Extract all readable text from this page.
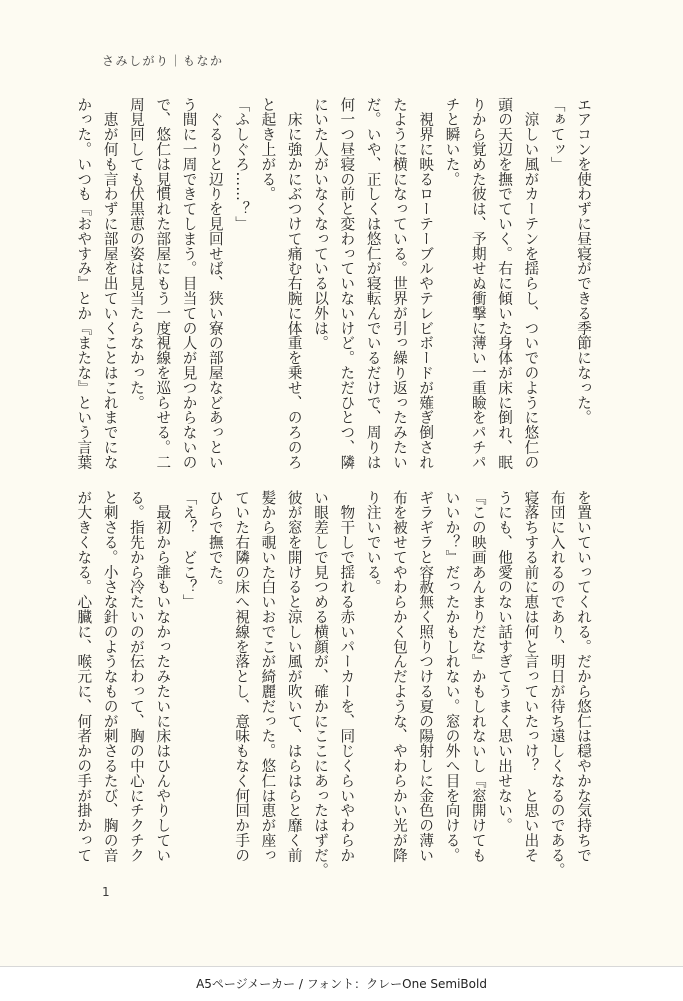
さみしがり｜もなか
エアコンを使わずに昼寝ができる季節になった。
「ぁてッ」
　涼しい風がカーテンを揺らし、ついでのように悠仁の
頭の天辺を撫でていく。右に傾いた身体が床に倒れ、眠
りから覚めた彼は、予期せぬ衝撃に薄い一重瞼をパチパ
チと瞬いた。
　視界に映るローテーブルやテレビボードが薙ぎ倒され
たように横になっている。世界が引っ繰り返ったみたい
だ。いや、正しくは悠仁が寝転んでいるだけで、周りは
何一つ昼寝の前と変わっていないけど。ただひとつ、隣
にいた人がいなくなっている以外は。
　床に強かにぶつけて痛む右腕に体重を乗せ、のろのろ
と起き上がる。
「ふしぐろ……？」
　ぐるりと辺りを見回せば、狭い寮の部屋などあっとい
う間に一周できてしまう。目当ての人が見つからないの
で、悠仁は見慣れた部屋にもう一度視線を巡らせる。二
周見回しても伏黒恵の姿は見当たらなかった。
　恵が何も言わずに部屋を出ていくことはこれまでにな
かった。いつも『おやすみ』とか『またな』という言葉
を置いていってくれる。だから悠仁は穏やかな気持ちで
布団に入れるのであり、明日が待ち遠しくなるのである。
寝落ちする前に恵は何と言っていたっけ？　と思い出そ
うにも、他愛のない話すぎてうまく思い出せない。
『この映画あんまりだな』かもしれないし『窓開けても
いいか？』だったかもしれない。窓の外へ目を向ける。
ギラギラと容赦無く照りつける夏の陽射しに金色の薄い
布を被せてやわらかく包んだような、やわらかい光が降
り注いでいる。
　物干しで揺れる赤いパーカーを、同じくらいやわらか
い眼差しで見つめる横顔が、確かにここにあったはずだ。
彼が窓を開けると涼しい風が吹いて、はらはらと靡く前
髪から覗いた白いおでこが綺麗だった。悠仁は恵が座っ
ていた右隣の床へ視線を落とし、意味もなく何回か手の
ひらで撫でた。
「え？　どこ？」
　最初から誰もいなかったみたいに床はひんやりしてい
る。指先から冷たいのが伝わって、胸の中心にチクチク
と刺さる。小さな針のようなものが刺さるたび、胸の音
が大きくなる。心臓に、喉元に、何者かの手が掛かって
1
A5ページメーカー / フォント：クレーOne SemiBold
